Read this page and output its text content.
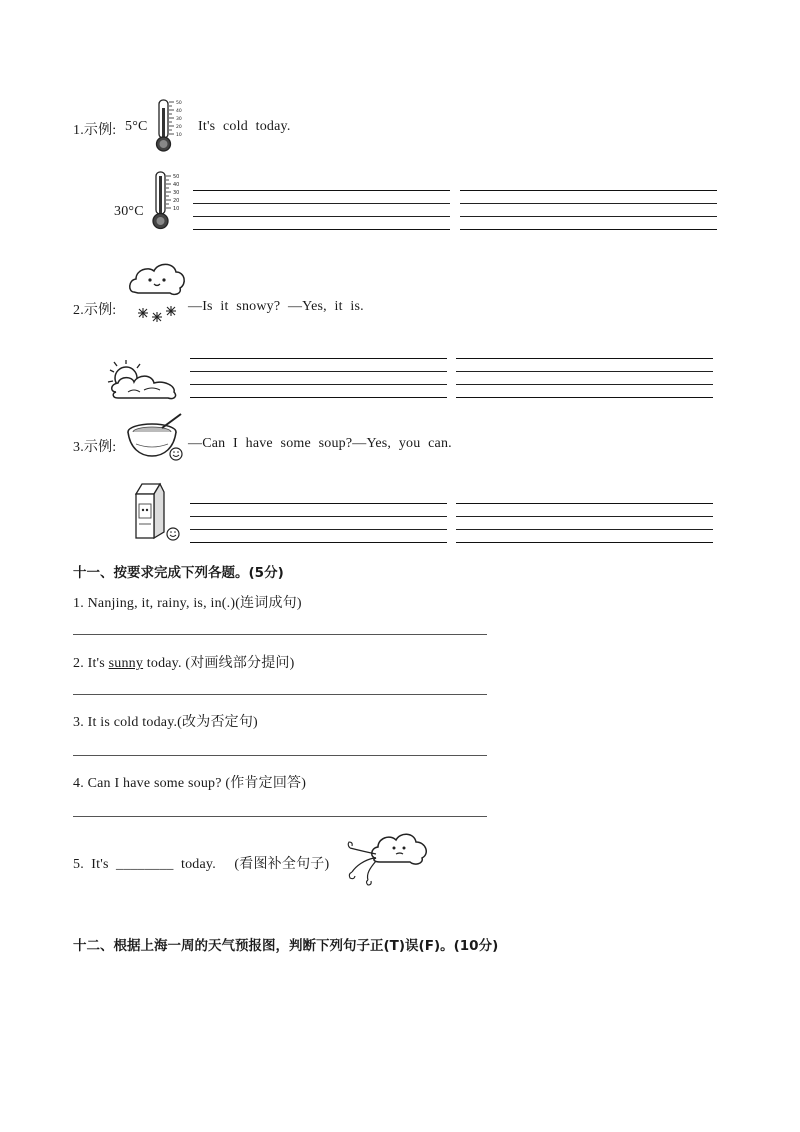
1.示例: 5°C
50
40
30
20
10
It's cold today.
30°C
50
40
30
20
10
2.示例:	—Is it snowy? —Yes, it is.
3.示例:	—Can I have some soup?—Yes, you can.
十一、按要求完成下列各题。(5分)
1. Nanjing, it, rainy, is, in(.)(连词成句)
2. It's sunny today. (对画线部分提问)
3. It is cold today.(改为否定句)
4. Can I have some soup? (作肯定回答)
5.  It's  ________  today.     (看图补全句子)
十二、根据上海一周的天气预报图，判断下列句子正(T)误(F)。(10分)
